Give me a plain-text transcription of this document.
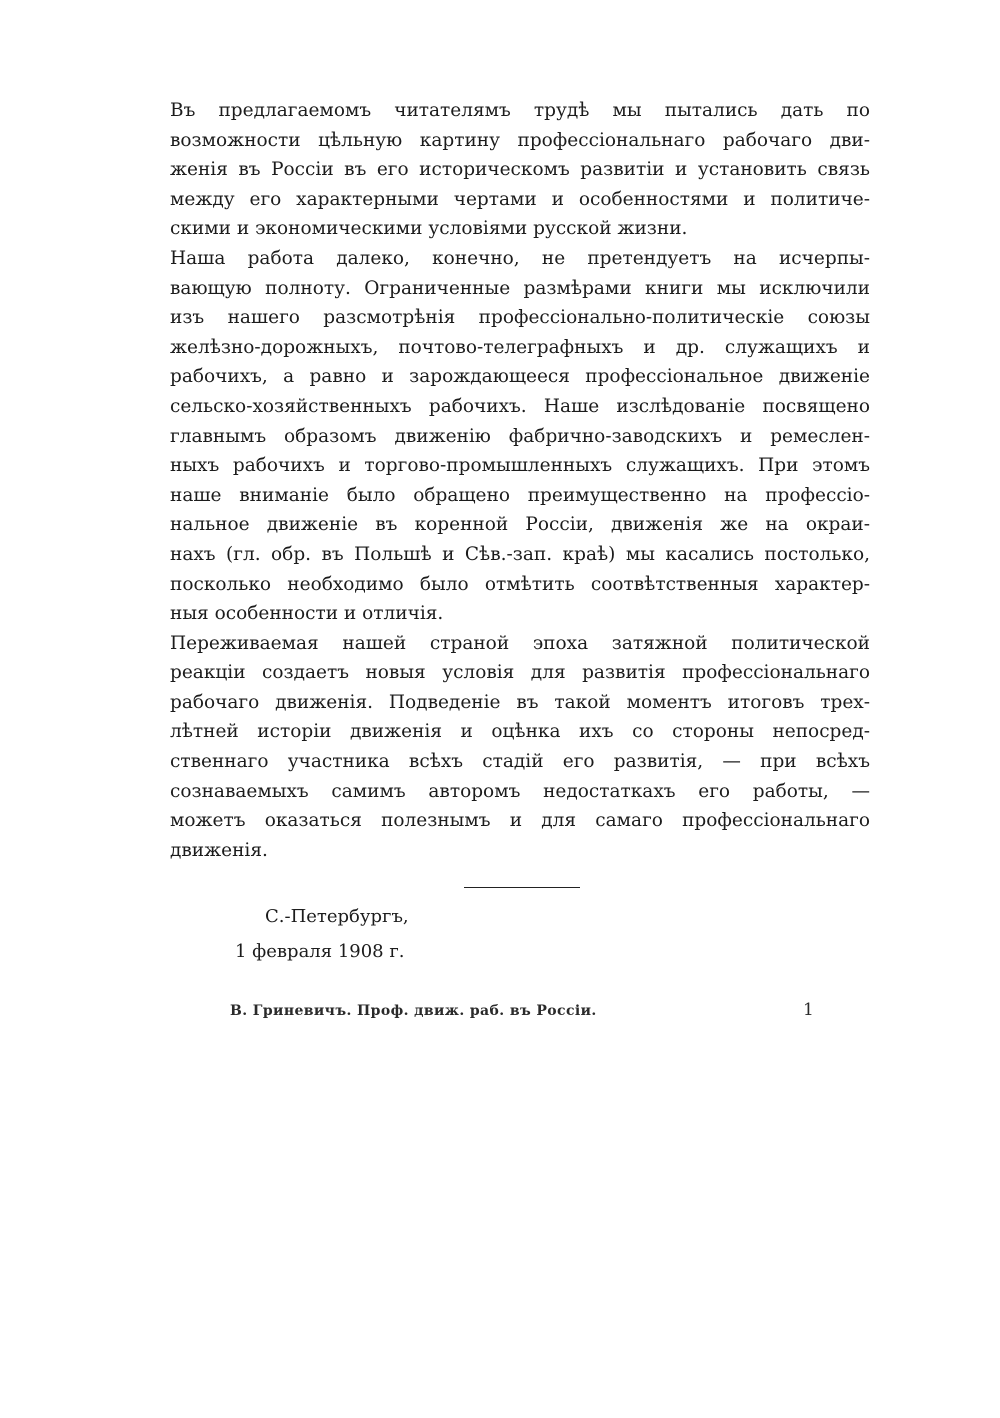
Въ предлагаемомъ читателямъ трудѣ мы пытались дать по
возможности цѣльную картину профессіональнаго рабочаго дви-
женія въ Россіи въ его историческомъ развитіи и установить связь
между его характерными чертами и особенностями и политиче-
скими и экономическими условіями русской жизни.
Наша работа далеко, конечно, не претендуетъ на исчерпы-
вающую полноту. Ограниченные размѣрами книги мы исключили
изъ нашего разсмотрѣнія профессіонально-политическіе союзы
желѣзно-дорожныхъ, почтово-телеграфныхъ и др. служащихъ и
рабочихъ, а равно и зарождающееся профессіональное движеніе
сельско-хозяйственныхъ рабочихъ. Наше изслѣдованіе посвящено
главнымъ образомъ движенію фабрично-заводскихъ и ремеслен-
ныхъ рабочихъ и торгово-промышленныхъ служащихъ. При этомъ
наше вниманіе было обращено преимущественно на профессіо-
нальное движеніе въ коренной Россіи, движенія же на окраи-
нахъ (гл. обр. въ Польшѣ и Сѣв.-зап. краѣ) мы касались постолько,
посколько необходимо было отмѣтить соотвѣтственныя характер-
ныя особенности и отличія.
Переживаемая нашей страной эпоха затяжной политической
реакціи создаетъ новыя условія для развитія профессіональнаго
рабочаго движенія. Подведеніе въ такой моментъ итоговъ трех-
лѣтней исторіи движенія и оцѣнка ихъ со стороны непосред-
ственнаго участника всѣхъ стадій его развитія, — при всѣхъ
сознаваемыхъ самимъ авторомъ недостаткахъ его работы, —
можетъ оказаться полезнымъ и для самаго профессіональнаго
движенія.
С.-Петербургъ,
1 февраля 1908 г.
В. Гриневичъ. Проф. движ. раб. въ Россіи.	1
